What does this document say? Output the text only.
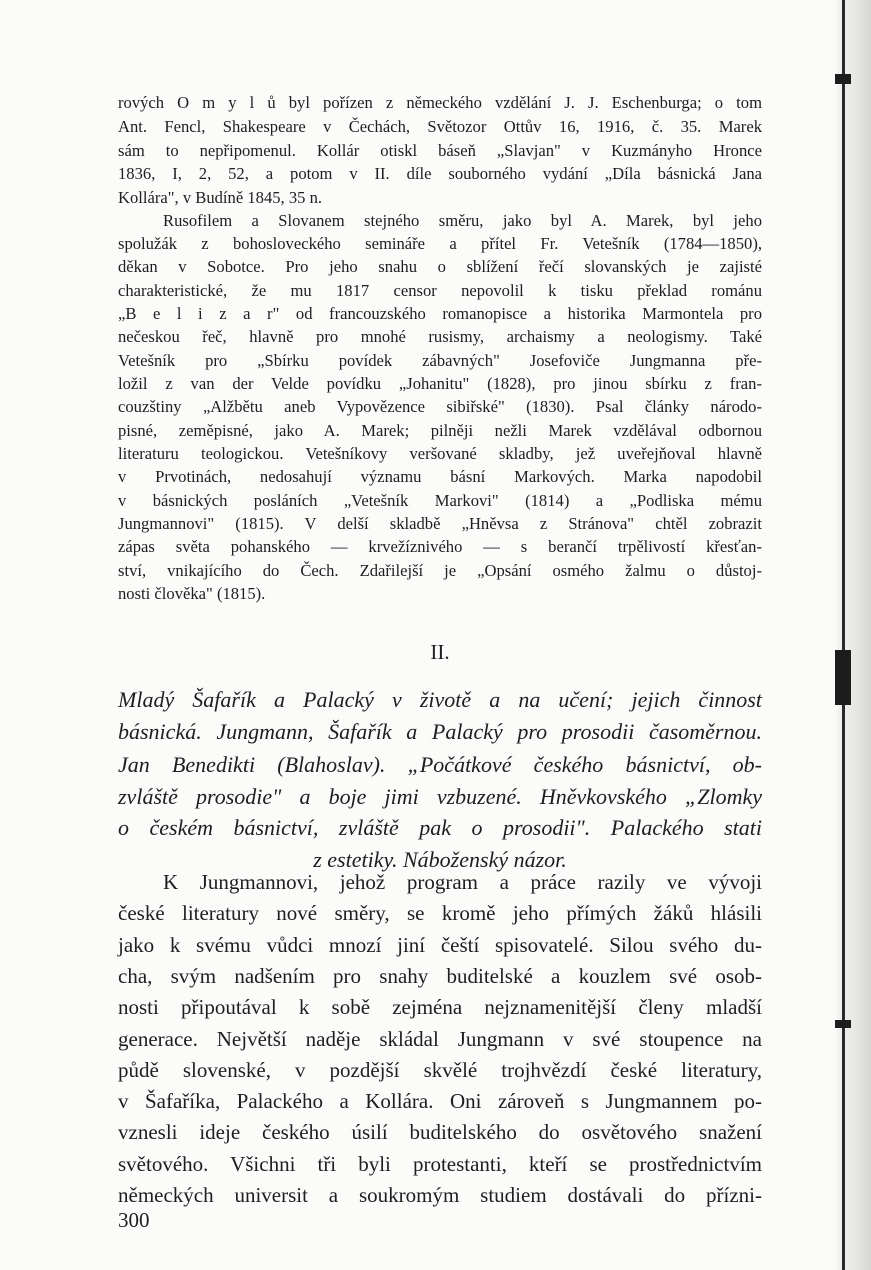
rových O m y l ů byl pořízen z německého vzdělání J. J. Eschenburga; o tom
Ant. Fencl, Shakespeare v Čechách, Světozor Ottův 16, 1916, č. 35. Marek
sám to nepřipomenul. Kollár otiskl báseň „Slavjan" v Kuzmányho Hronce
1836, I, 2, 52, a potom v II. díle souborného vydání „Díla básnická Jana
Kollára", v Budíně 1845, 35 n.
Rusofilem a Slovanem stejného směru, jako byl A. Marek, byl jeho
spolužák z bohosloveckého semináře a přítel Fr. Vetešník (1784—1850),
děkan v Sobotce. Pro jeho snahu o sblížení řečí slovanských je zajisté
charakteristické, že mu 1817 censor nepovolil k tisku překlad románu
„B e l i z a r" od francouzského romanopisce a historika Marmontela pro
nečeskou řeč, hlavně pro mnohé rusismy, archaismy a neologismy. Také
Vetešník pro „Sbírku povídek zábavných" Josefoviče Jungmanna pře-
ložil z van der Velde povídku „Johanitu" (1828), pro jinou sbírku z fran-
couzštiny „Alžbětu aneb Vypovězence sibiřské" (1830). Psal články národo-
pisné, zeměpisné, jako A. Marek; pilněji nežli Marek vzdělával odbornou
literaturu teologickou. Vetešníkovy veršované skladby, jež uveřejňoval hlavně
v Prvotinách, nedosahují významu básní Markových. Marka napodobil
v básnických posláních „Vetešník Markovi" (1814) a „Podliska mému
Jungmannovi" (1815). V delší skladbě „Hněvsa z Stránova" chtěl zobrazit
zápas světa pohanského — krvežíznivého — s berančí trpělivostí křesťan-
ství, vnikajícího do Čech. Zdařilejší je „Opsání osmého žalmu o důstoj-
nosti člověka" (1815).
II.
Mladý Šafařík a Palacký v životě a na učení; jejich činnost
básnická. Jungmann, Šafařík a Palacký pro prosodii časoměrnou.
Jan Benedikti (Blahoslav). „Počátkové českého básnictví, ob-
zvláště prosodie" a boje jimi vzbuzené. Hněvkovského „Zlomky
o českém básnictví, zvláště pak o prosodii". Palackého stati
z estetiky. Náboženský názor.
K Jungmannovi, jehož program a práce razily ve vývoji
české literatury nové směry, se kromě jeho přímých žáků hlásili
jako k svému vůdci mnozí jiní čeští spisovatelé. Silou svého du-
cha, svým nadšením pro snahy buditelské a kouzlem své osob-
nosti připoutával k sobě zejména nejznamenitější členy mladší
generace. Největší naděje skládal Jungmann v své stoupence na
půdě slovenské, v pozdější skvělé trojhvězdí české literatury,
v Šafaříka, Palackého a Kollára. Oni zároveň s Jungmannem po-
vznesli ideje českého úsilí buditelského do osvětového snažení
světového. Všichni tři byli protestanti, kteří se prostřednictvím
německých universit a soukromým studiem dostávali do přízni-
300
